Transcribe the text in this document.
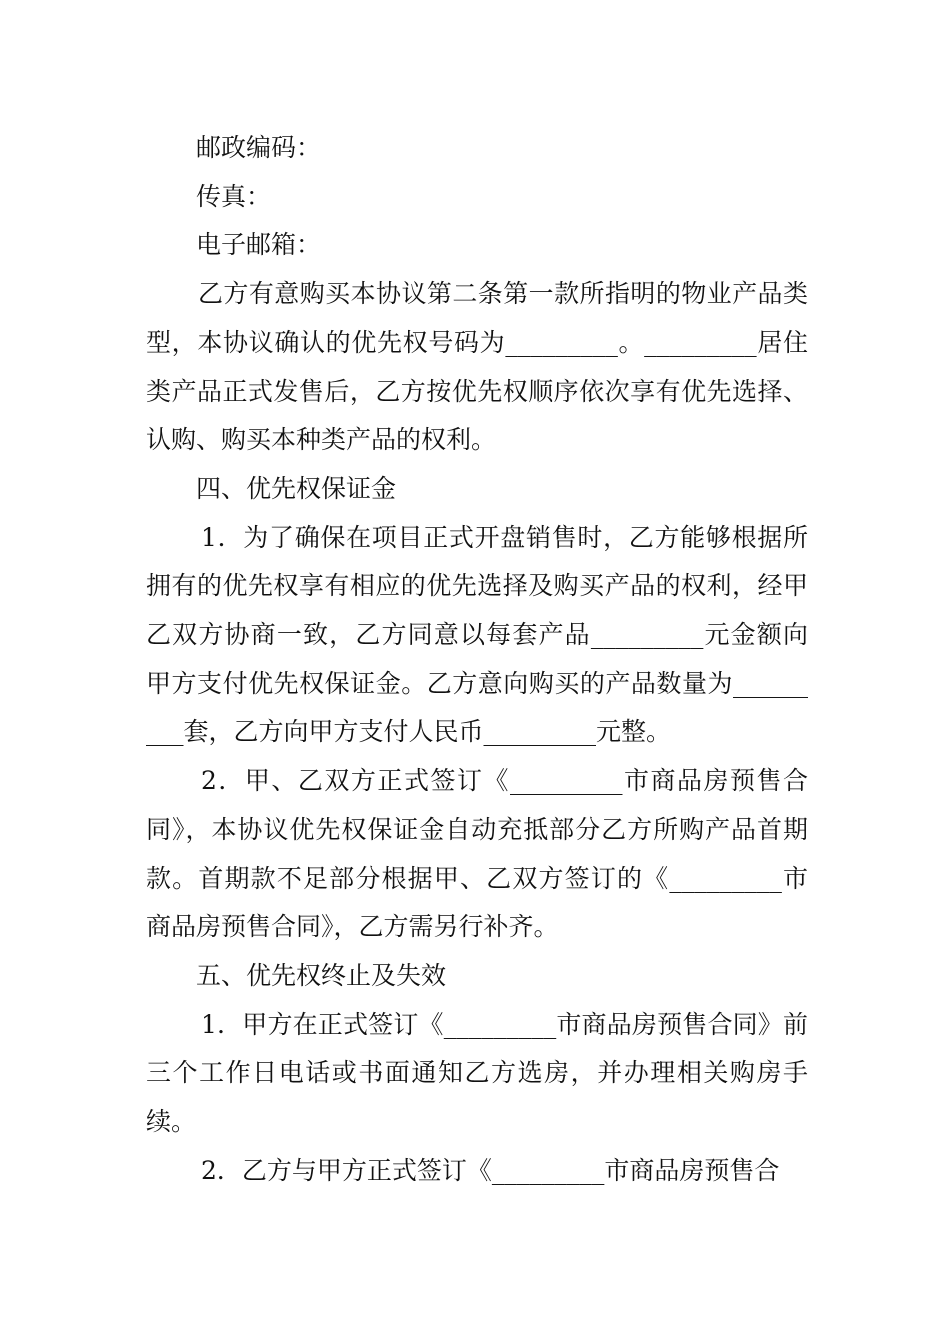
邮政编码：

传真：

电子邮箱：

乙方有意购买本协议第二条第一款所指明的物业产品类型，本协议确认的优先权号码为_________。_________居住类产品正式发售后，乙方按优先权顺序依次享有优先选择、认购、购买本种类产品的权利。

四、优先权保证金

1．为了确保在项目正式开盘销售时，乙方能够根据所拥有的优先权享有相应的优先选择及购买产品的权利，经甲乙双方协商一致，乙方同意以每套产品_________元金额向甲方支付优先权保证金。乙方意向购买的产品数量为_________套，乙方向甲方支付人民币_________元整。

2．甲、乙双方正式签订《_________市商品房预售合同》，本协议优先权保证金自动充抵部分乙方所购产品首期款。首期款不足部分根据甲、乙双方签订的《_________市商品房预售合同》，乙方需另行补齐。

五、优先权终止及失效

1．甲方在正式签订《_________市商品房预售合同》前三个工作日电话或书面通知乙方选房，并办理相关购房手续。

2．乙方与甲方正式签订《_________市商品房预售合
